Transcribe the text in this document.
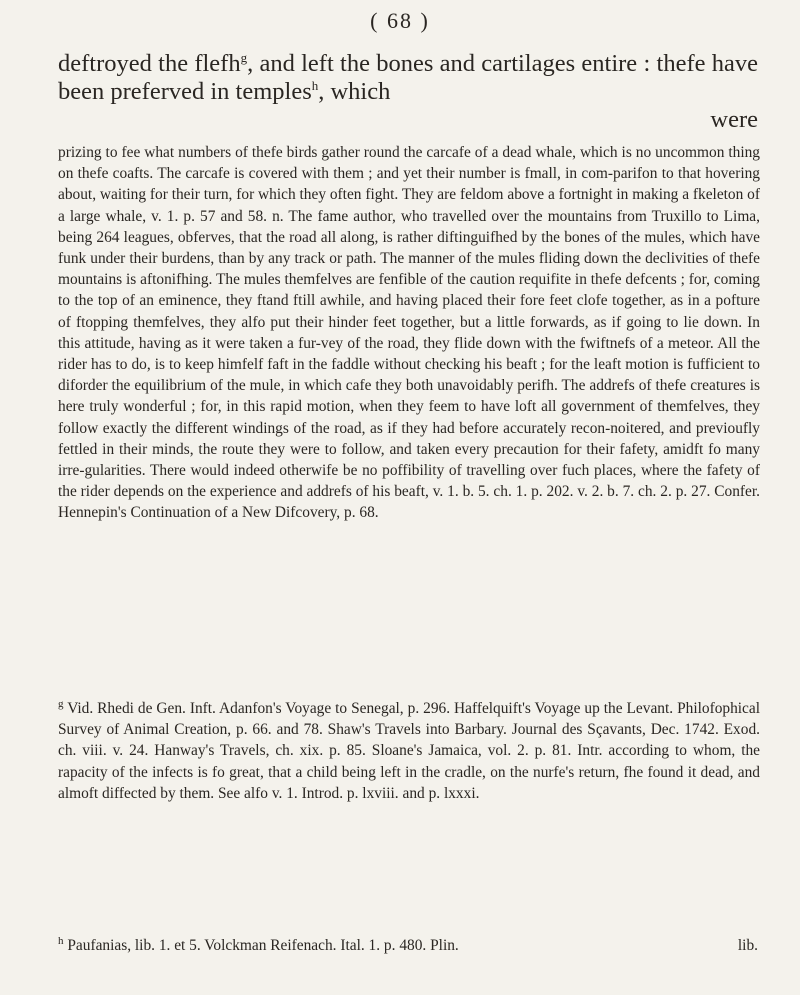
( 68 )
deftroyed the flefh$^g$, and left the bones and cartilages entire : thefe have been preferved in temples$^h$, which
were
prizing to fee what numbers of thefe birds gather round the carcafe of a dead whale, which is no uncommon thing on thefe coafts. The carcafe is covered with them ; and yet their number is fmall, in com-parifon to that hovering about, waiting for their turn, for which they often fight. They are feldom above a fortnight in making a fkeleton of a large whale, v. 1. p. 57 and 58. n. The fame author, who travelled over the mountains from Truxillo to Lima, being 264 leagues, obferves, that the road all along, is rather diftinguifhed by the bones of the mules, which have funk under their burdens, than by any track or path. The manner of the mules fliding down the declivities of thefe mountains is aftonifhing. The mules themfelves are fenfible of the caution requifite in thefe defcents ; for, coming to the top of an eminence, they ftand ftill awhile, and having placed their fore feet clofe together, as in a pofture of ftopping themfelves, they alfo put their hinder feet together, but a little forwards, as if going to lie down. In this attitude, having as it were taken a fur-vey of the road, they flide down with the fwiftnefs of a meteor. All the rider has to do, is to keep himfelf faft in the faddle without checking his beaft ; for the leaft motion is fufficient to diforder the equilibrium of the mule, in which cafe they both unavoidably perifh. The addrefs of thefe creatures is here truly wonderful ; for, in this rapid motion, when they feem to have loft all government of themfelves, they follow exactly the different windings of the road, as if they had before accurately recon-noitered, and previoufly fettled in their minds, the route they were to follow, and taken every precaution for their fafety, amidft fo many irre-gularities. There would indeed otherwife be no poffibility of travelling over fuch places, where the fafety of the rider depends on the experience and addrefs of his beaft, v. 1. b. 5. ch. 1. p. 202. v. 2. b. 7. ch. 2. p. 27. Confer. Hennepin's Continuation of a New Difcovery, p. 68.
$^g$ Vid. Rhedi de Gen. Inft. Adanfon's Voyage to Senegal, p. 296. Haffelquift's Voyage up the Levant. Philofophical Survey of Animal Creation, p. 66. and 78. Shaw's Travels into Barbary. Journal des Sçavants, Dec. 1742. Exod. ch. viii. v. 24. Hanway's Travels, ch. xix. p. 85. Sloane's Jamaica, vol. 2. p. 81. Intr. according to whom, the rapacity of the infects is fo great, that a child being left in the cradle, on the nurfe's return, fhe found it dead, and almoft diffected by them. See alfo v. 1. Introd. p. lxviii. and p. lxxxi.
$^h$ Paufanias, lib. 1. et 5. Volckman Reifenach. Ital. 1. p. 480. Plin.	lib.
